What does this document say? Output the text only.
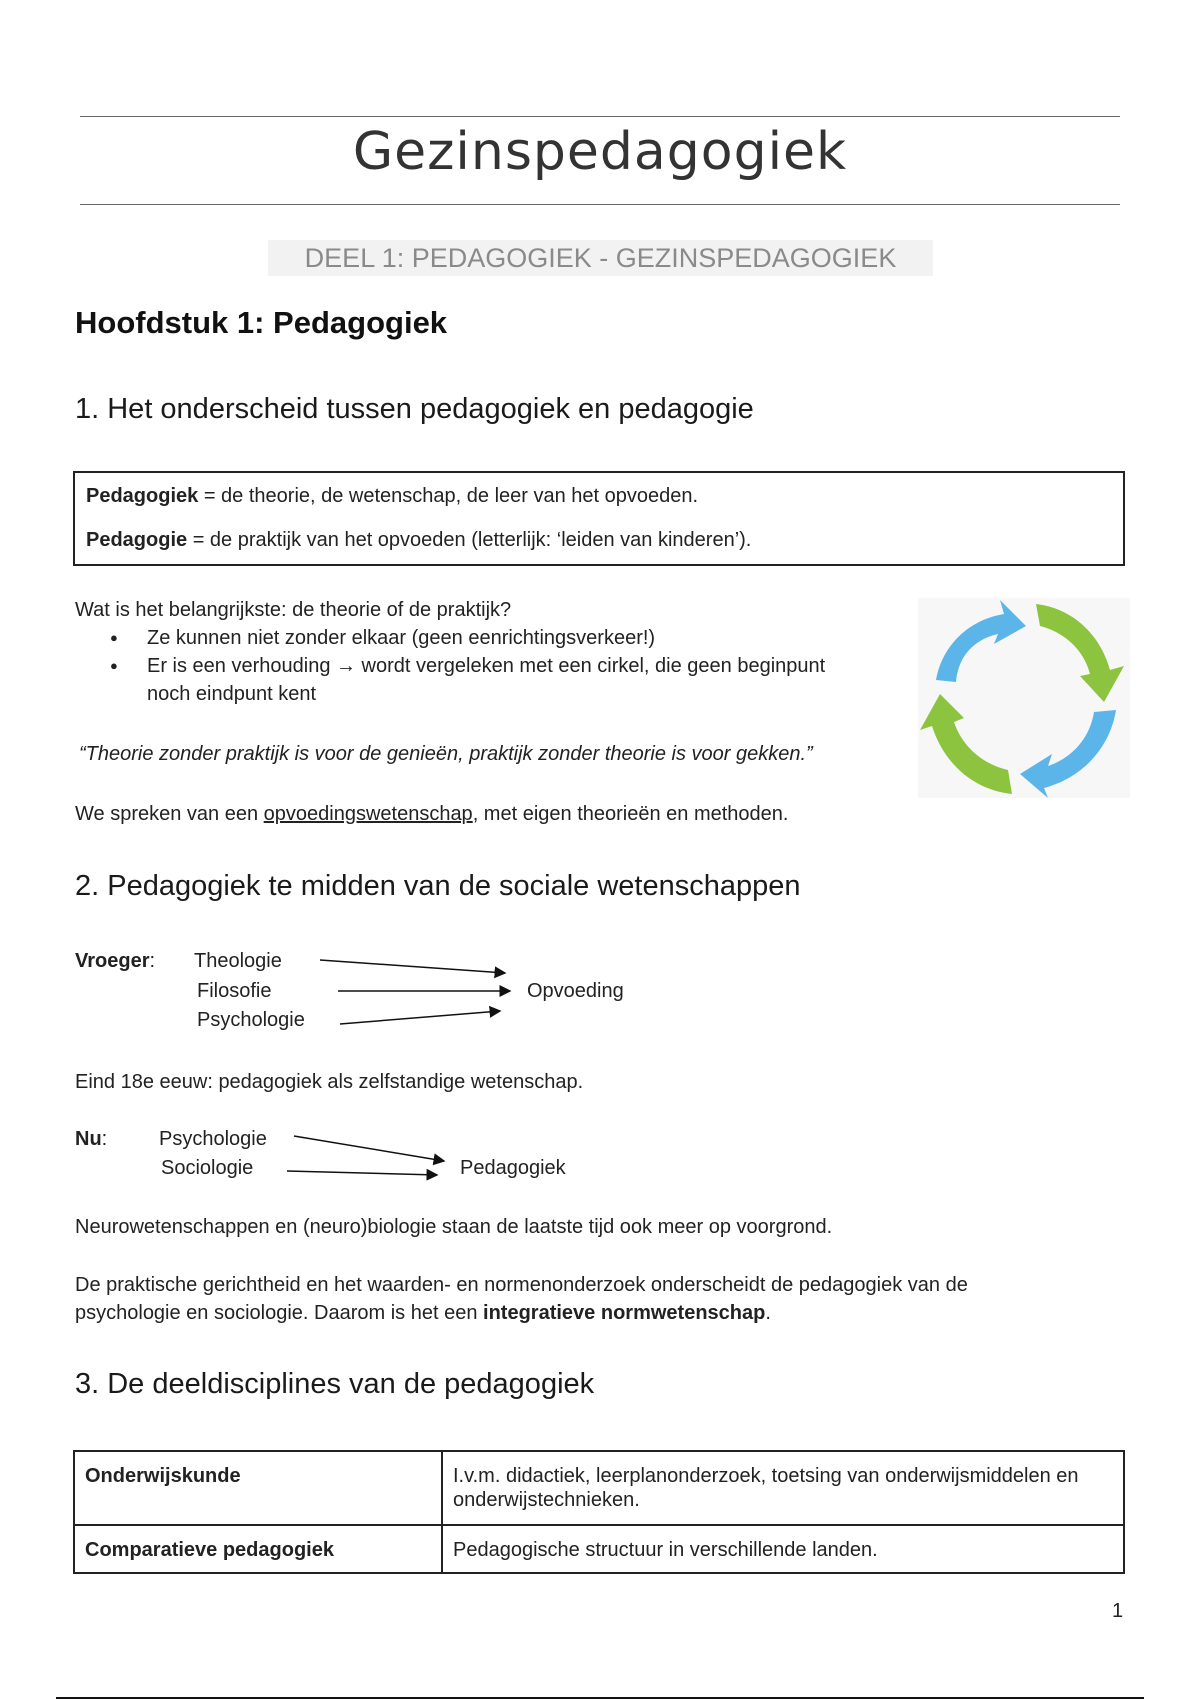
Gezinspedagogiek
DEEL 1: PEDAGOGIEK - GEZINSPEDAGOGIEK
Hoofdstuk 1: Pedagogiek
1. Het onderscheid tussen pedagogiek en pedagogie

Pedagogiek = de theorie, de wetenschap, de leer van het opvoeden.

Pedagogie = de praktijk van het opvoeden (letterlijk: ‘leiden van kinderen’).

Wat is het belangrijkste: de theorie of de praktijk?

● Ze kunnen niet zonder elkaar (geen eenrichtingsverkeer!)
● Er is een verhouding → wordt vergeleken met een cirkel, die geen beginpunt noch eindpunt kent

“Theorie zonder praktijk is voor de genieën, praktijk zonder theorie is voor gekken.”

We spreken van een opvoedingswetenschap, met eigen theorieën en methoden.

2. Pedagogiek te midden van de sociale wetenschappen
Vroeger: Theologie
Filosofie
Psychologie
Opvoeding

Eind 18e eeuw: pedagogiek als zelfstandige wetenschap.

Nu:	Psychologie
Sociologie	Pedagogiek

Neurowetenschappen en (neuro)biologie staan de laatste tijd ook meer op voorgrond.

De praktische gerichtheid en het waarden- en normenonderzoek onderscheidt de pedagogiek van de
psychologie en sociologie. Daarom is het een integratieve normwetenschap.

3. De deeldisciplines van de pedagogiek
Onderwijskunde	I.v.m. didactiek, leerplanonderzoek, toetsing van onderwijsmiddelen en onderwijstechnieken.
Comparatieve pedagogiek	Pedagogische structuur in verschillende landen.
1
